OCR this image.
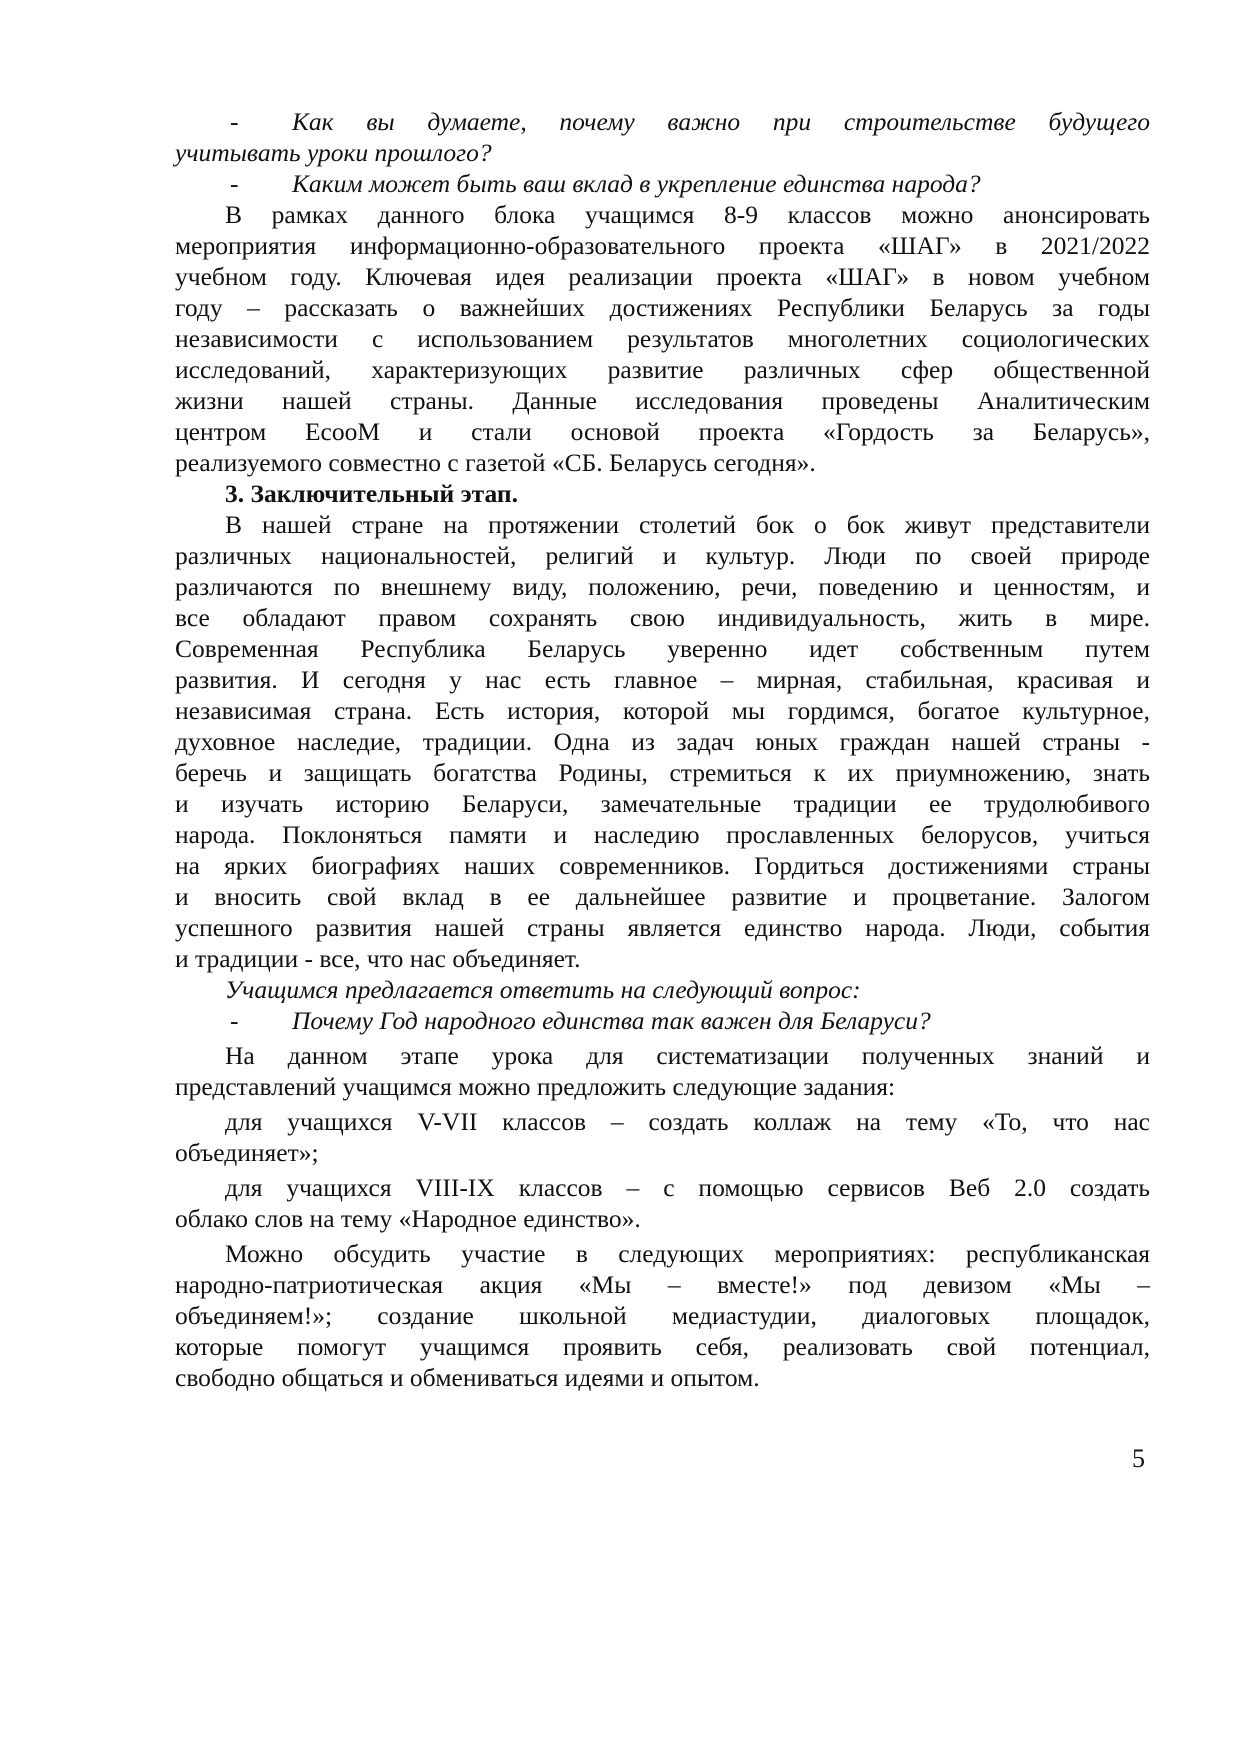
-	Как вы думаете, почему важно при строительстве будущего
учитывать уроки прошлого?
-	Каким может быть ваш вклад в укрепление единства народа?
В рамках данного блока учащимся 8-9 классов можно анонсировать
мероприятия информационно-образовательного проекта «ШАГ» в 2021/2022
учебном году. Ключевая идея реализации проекта «ШАГ» в новом учебном
году – рассказать о важнейших достижениях Республики Беларусь за годы
независимости с использованием результатов многолетних социологических
исследований, характеризующих развитие различных сфер общественной
жизни нашей страны. Данные исследования проведены Аналитическим
центром EcooM и стали основой проекта «Гордость за Беларусь»,
реализуемого совместно с газетой «СБ. Беларусь сегодня».
3. Заключительный этап.
В нашей стране на протяжении столетий бок о бок живут представители
различных национальностей, религий и культур. Люди по своей природе
различаются по внешнему виду, положению, речи, поведению и ценностям, и
все обладают правом сохранять свою индивидуальность, жить в мире.
Современная Республика Беларусь уверенно идет собственным путем
развития. И сегодня у нас есть главное – мирная, стабильная, красивая и
независимая страна. Есть история, которой мы гордимся, богатое культурное,
духовное наследие, традиции. Одна из задач юных граждан нашей страны -
беречь и защищать богатства Родины, стремиться к их приумножению, знать
и изучать историю Беларуси, замечательные традиции ее трудолюбивого
народа. Поклоняться памяти и наследию прославленных белорусов, учиться
на ярких биографиях наших современников. Гордиться достижениями страны
и вносить свой вклад в ее дальнейшее развитие и процветание. Залогом
успешного развития нашей страны является единство народа. Люди, события
и традиции - все, что нас объединяет.
Учащимся предлагается ответить на следующий вопрос:
-	Почему Год народного единства так важен для Беларуси?
На данном этапе урока для систематизации полученных знаний и
представлений учащимся можно предложить следующие задания:
для учащихся V-VII классов – создать коллаж на тему «То, что нас
объединяет»;
для учащихся VIII-IX классов – с помощью сервисов Веб 2.0 создать
облако слов на тему «Народное единство».
Можно обсудить участие в следующих мероприятиях: республиканская
народно-патриотическая акция «Мы – вместе!» под девизом «Мы –
объединяем!»; создание школьной медиастудии, диалоговых площадок,
которые помогут учащимся проявить себя, реализовать свой потенциал,
свободно общаться и обмениваться идеями и опытом.
5
